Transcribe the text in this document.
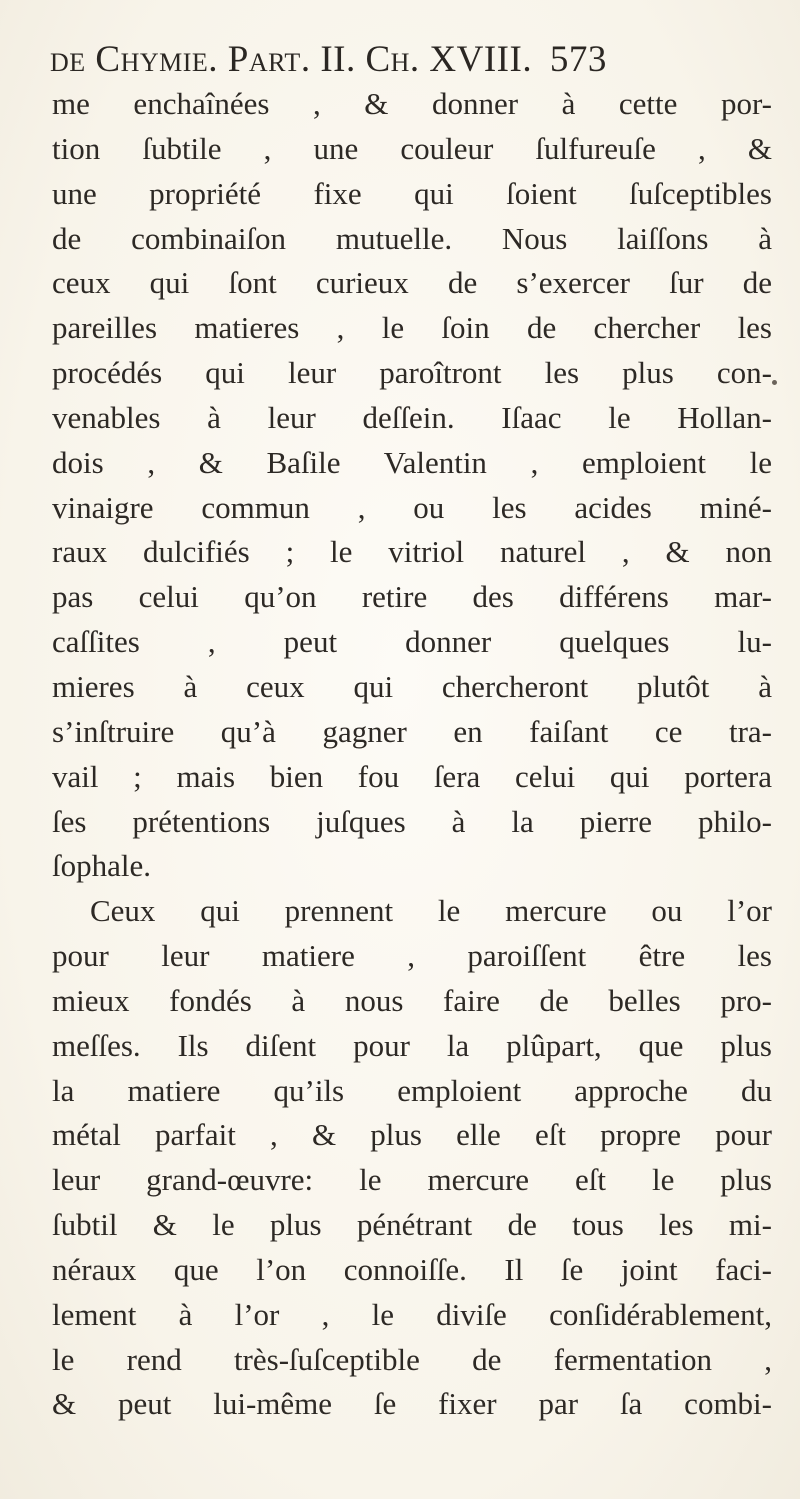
de Chymie. Part. II. Ch. XVIII. 573
me enchaînées , & donner à cette por-
tion ſubtile , une couleur ſulfureuſe , &
une propriété fixe qui ſoient ſuſceptibles
de combinaiſon mutuelle. Nous laiſſons à
ceux qui ſont curieux de s’exercer ſur de
pareilles matieres , le ſoin de chercher les
procédés qui leur paroîtront les plus con-
venables à leur deſſein. Iſaac le Hollan-
dois , & Baſile Valentin , emploient le
vinaigre commun , ou les acides miné-
raux dulcifiés ; le vitriol naturel , & non
pas celui qu’on retire des différens mar-
caſſites , peut donner quelques lu-
mieres à ceux qui chercheront plutôt à
s’inſtruire qu’à gagner en faiſant ce tra-
vail ; mais bien fou ſera celui qui portera
ſes prétentions juſques à la pierre philo-
ſophale.
Ceux qui prennent le mercure ou l’or
pour leur matiere , paroiſſent être les
mieux fondés à nous faire de belles pro-
meſſes. Ils diſent pour la plûpart, que plus
la matiere qu’ils emploient approche du
métal parfait , & plus elle eſt propre pour
leur grand-œuvre: le mercure eſt le plus
ſubtil & le plus pénétrant de tous les mi-
néraux que l’on connoiſſe. Il ſe joint faci-
lement à l’or , le diviſe conſidérablement,
le rend très-ſuſceptible de fermentation ,
& peut lui-même ſe fixer par ſa combi-
